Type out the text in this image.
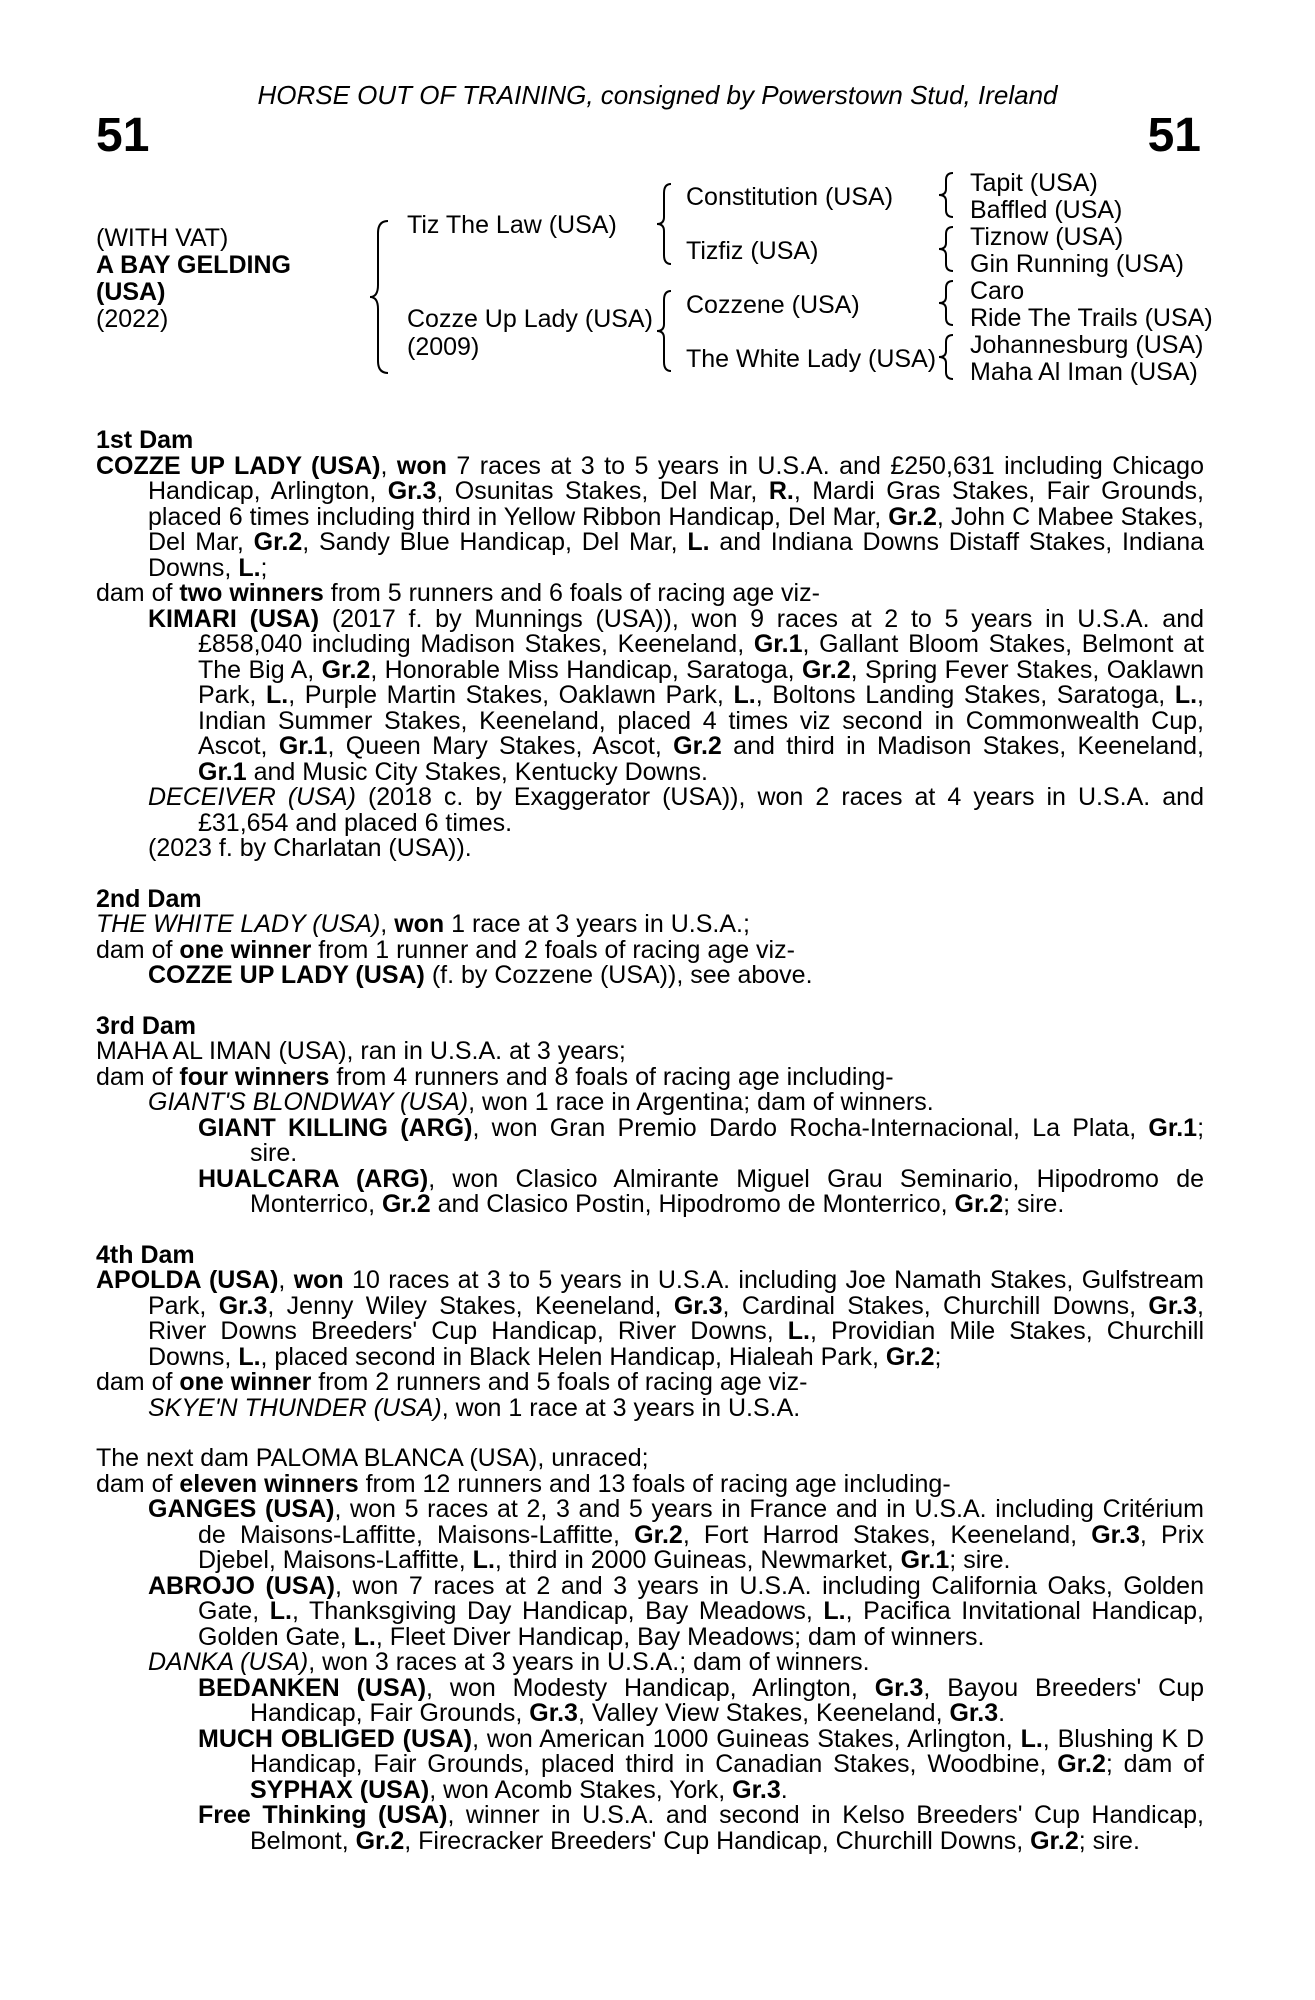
HORSE OUT OF TRAINING, consigned by Powerstown Stud, Ireland
51	51
(WITH VAT)
A BAY GELDING
(USA)
(2022)
Tiz The Law (USA)
Cozze Up Lady (USA)
(2009)
Constitution (USA)
Tizfiz (USA)
Cozzene (USA)
The White Lady (USA)
Tapit (USA)
Baffled (USA)
Tiznow (USA)
Gin Running (USA)
Caro
Ride The Trails (USA)
Johannesburg (USA)
Maha Al Iman (USA)
1st Dam
COZZE UP LADY (USA), won 7 races at 3 to 5 years in U.S.A. and £250,631 including Chicago Handicap, Arlington, Gr.3, Osunitas Stakes, Del Mar, R., Mardi Gras Stakes, Fair Grounds, placed 6 times including third in Yellow Ribbon Handicap, Del Mar, Gr.2, John C Mabee Stakes, Del Mar, Gr.2, Sandy Blue Handicap, Del Mar, L. and Indiana Downs Distaff Stakes, Indiana Downs, L.;
dam of two winners from 5 runners and 6 foals of racing age viz-
KIMARI (USA) (2017 f. by Munnings (USA)), won 9 races at 2 to 5 years in U.S.A. and £858,040 including Madison Stakes, Keeneland, Gr.1, Gallant Bloom Stakes, Belmont at The Big A, Gr.2, Honorable Miss Handicap, Saratoga, Gr.2, Spring Fever Stakes, Oaklawn Park, L., Purple Martin Stakes, Oaklawn Park, L., Boltons Landing Stakes, Saratoga, L., Indian Summer Stakes, Keeneland, placed 4 times viz second in Commonwealth Cup, Ascot, Gr.1, Queen Mary Stakes, Ascot, Gr.2 and third in Madison Stakes, Keeneland, Gr.1 and Music City Stakes, Kentucky Downs.
DECEIVER (USA) (2018 c. by Exaggerator (USA)), won 2 races at 4 years in U.S.A. and £31,654 and placed 6 times.
(2023 f. by Charlatan (USA)).
2nd Dam
THE WHITE LADY (USA), won 1 race at 3 years in U.S.A.;
dam of one winner from 1 runner and 2 foals of racing age viz-
COZZE UP LADY (USA) (f. by Cozzene (USA)), see above.
3rd Dam
MAHA AL IMAN (USA), ran in U.S.A. at 3 years;
dam of four winners from 4 runners and 8 foals of racing age including-
GIANT'S BLONDWAY (USA), won 1 race in Argentina; dam of winners.
GIANT KILLING (ARG), won Gran Premio Dardo Rocha-Internacional, La Plata, Gr.1; sire.
HUALCARA (ARG), won Clasico Almirante Miguel Grau Seminario, Hipodromo de Monterrico, Gr.2 and Clasico Postin, Hipodromo de Monterrico, Gr.2; sire.
4th Dam
APOLDA (USA), won 10 races at 3 to 5 years in U.S.A. including Joe Namath Stakes, Gulfstream Park, Gr.3, Jenny Wiley Stakes, Keeneland, Gr.3, Cardinal Stakes, Churchill Downs, Gr.3, River Downs Breeders' Cup Handicap, River Downs, L., Providian Mile Stakes, Churchill Downs, L., placed second in Black Helen Handicap, Hialeah Park, Gr.2;
dam of one winner from 2 runners and 5 foals of racing age viz-
SKYE'N THUNDER (USA), won 1 race at 3 years in U.S.A.
The next dam PALOMA BLANCA (USA), unraced;
dam of eleven winners from 12 runners and 13 foals of racing age including-
GANGES (USA), won 5 races at 2, 3 and 5 years in France and in U.S.A. including Critérium de Maisons-Laffitte, Maisons-Laffitte, Gr.2, Fort Harrod Stakes, Keeneland, Gr.3, Prix Djebel, Maisons-Laffitte, L., third in 2000 Guineas, Newmarket, Gr.1; sire.
ABROJO (USA), won 7 races at 2 and 3 years in U.S.A. including California Oaks, Golden Gate, L., Thanksgiving Day Handicap, Bay Meadows, L., Pacifica Invitational Handicap, Golden Gate, L., Fleet Diver Handicap, Bay Meadows; dam of winners.
DANKA (USA), won 3 races at 3 years in U.S.A.; dam of winners.
BEDANKEN (USA), won Modesty Handicap, Arlington, Gr.3, Bayou Breeders' Cup Handicap, Fair Grounds, Gr.3, Valley View Stakes, Keeneland, Gr.3.
MUCH OBLIGED (USA), won American 1000 Guineas Stakes, Arlington, L., Blushing K D Handicap, Fair Grounds, placed third in Canadian Stakes, Woodbine, Gr.2; dam of SYPHAX (USA), won Acomb Stakes, York, Gr.3.
Free Thinking (USA), winner in U.S.A. and second in Kelso Breeders' Cup Handicap, Belmont, Gr.2, Firecracker Breeders' Cup Handicap, Churchill Downs, Gr.2; sire.
